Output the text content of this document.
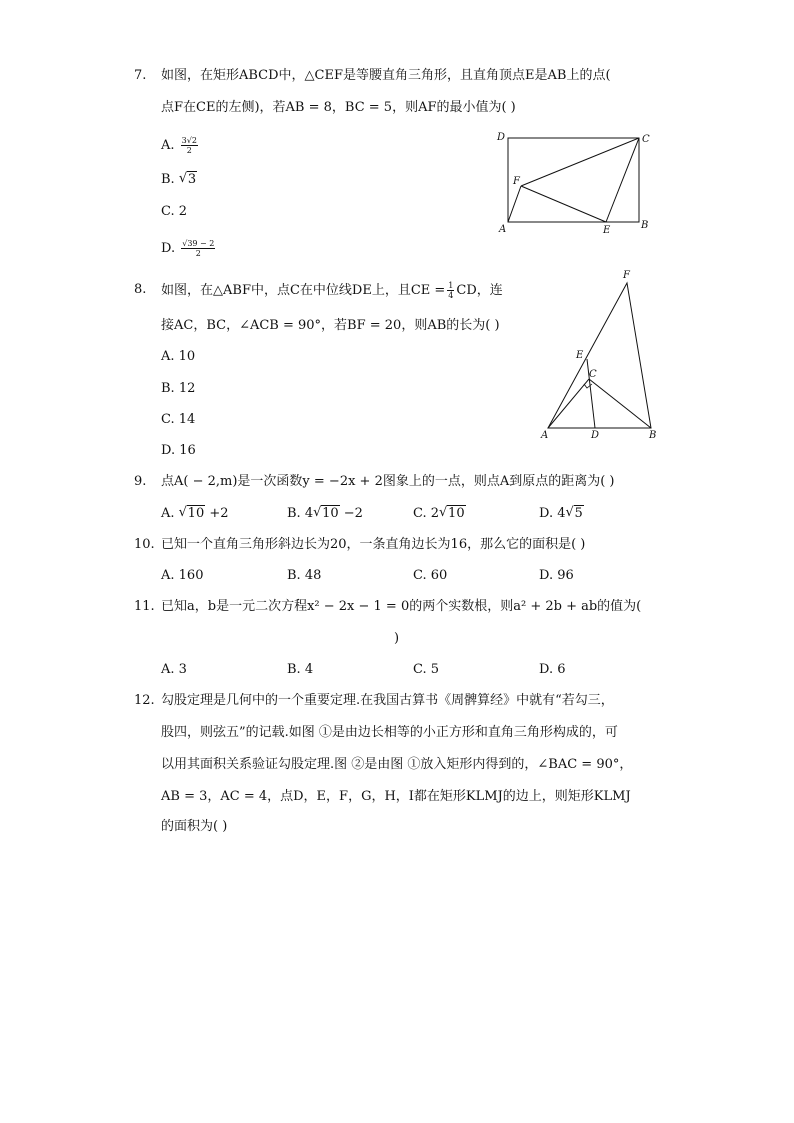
7. 如图，在矩形ABCD中，△CEF是等腰直角三角形，且直角顶点E是AB上的点(
点F在CE的左侧)，若AB = 8，BC = 5，则AF的最小值为( )
A. $\frac{3√2}{2}$
B. √ 3
C. 2
D. $\frac{√39 - 2}{2}$
D	C
F
A	E	B
8. 如图，在△ABF中，点C在中位线DE上，且CE = $\frac{1}{4}$ CD，连
接AC，BC，∠ACB = 90°，若BF = 20，则AB的长为( )
A. 10
B. 12
C. 14
D. 16
F
E
C
A	D	B
9. 点A( − 2,m)是一次函数y = −2x + 2图象上的一点，则点A到原点的距离为( )
A. √ 10 +2	B. 4 √ 10 −2	C. 2 √ 10	D. 4 √ 5
10. 已知一个直角三角形斜边长为20，一条直角边长为16，那么它的面积是( )
A. 160	B. 48	C. 60	D. 96
11. 已知a，b是一元二次方程x² − 2x − 1 = 0的两个实数根，则a² + 2b + ab的值为(
)
A. 3	B. 4	C. 5	D. 6
12. 勾股定理是几何中的一个重要定理.在我国古算书《周髀算经》中就有“若勾三，
股四，则弦五”的记载.如图 ①是由边长相等的小正方形和直角三角形构成的，可
以用其面积关系验证勾股定理.图 ②是由图 ①放入矩形内得到的，∠BAC = 90°，
AB = 3，AC = 4，点D，E，F，G，H，I都在矩形KLMJ的边上，则矩形KLMJ
的面积为( )
